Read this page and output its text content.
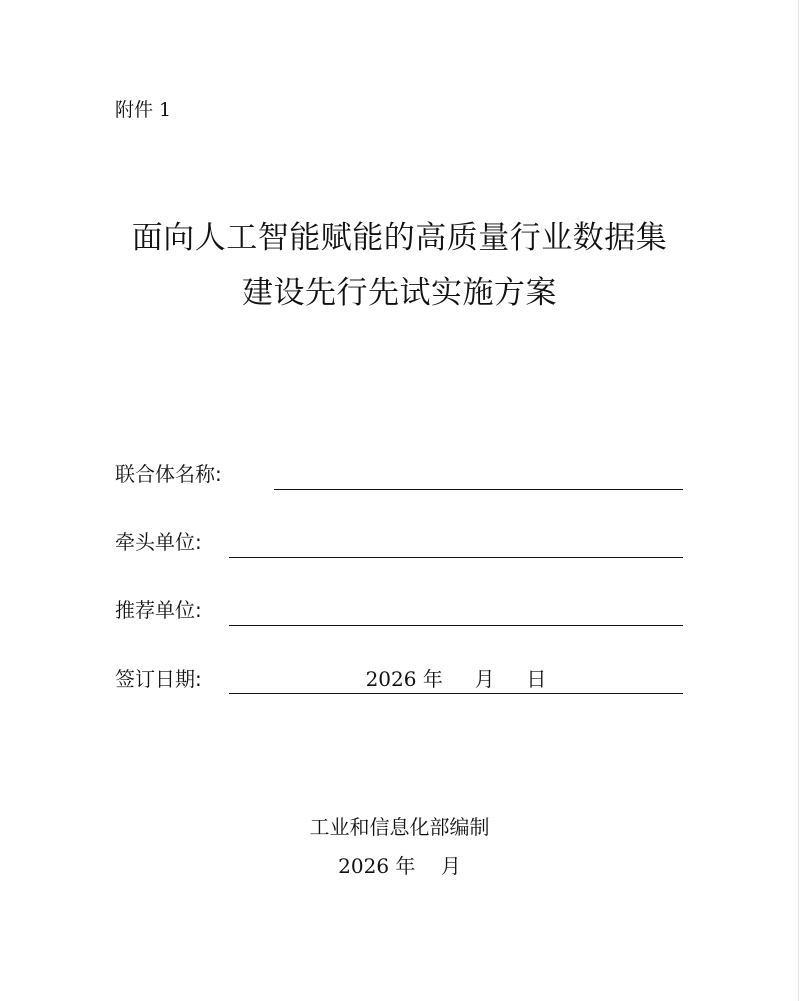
附件 1
面向人工智能赋能的高质量行业数据集
建设先行先试实施方案
联合体名称:
牵头单位:
推荐单位:
签订日期:	2026 年 月 日
工业和信息化部编制
2026 年 月
